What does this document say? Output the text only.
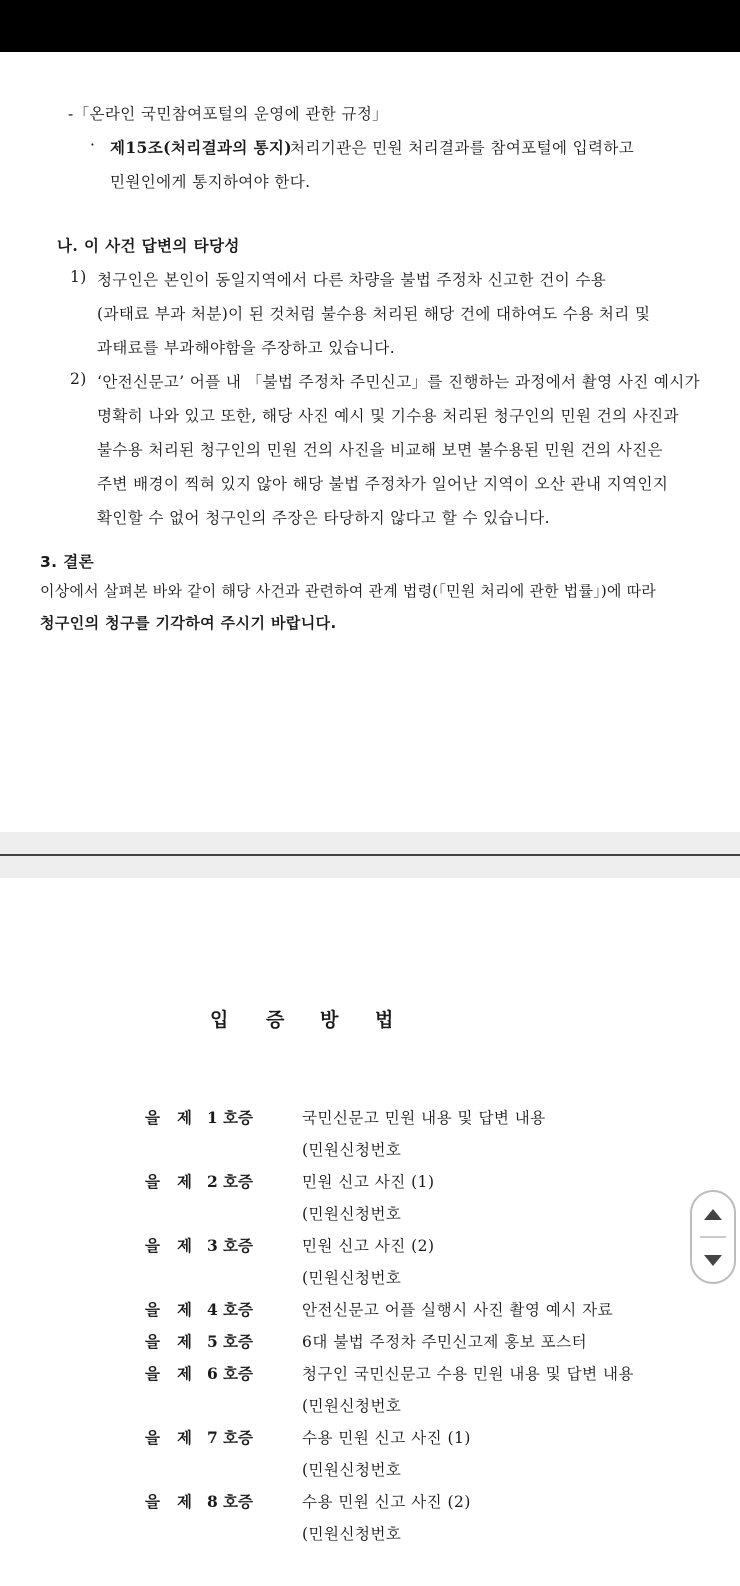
-「온라인 국민참여포털의 운영에 관한 규정」
· 제15조(처리결과의 통지)
처리기관은 민원 처리결과를 참여포털에 입력하고
민원인에게 통지하여야 한다.
나. 이 사건 답변의 타당성
1) 청구인은 본인이 동일지역에서 다른 차량을 불법 주정차 신고한 건이 수용
(과태료 부과 처분)이 된 것처럼 불수용 처리된 해당 건에 대하여도 수용 처리 및
과태료를 부과해야함을 주장하고 있습니다.
2) ‘안전신문고’ 어플 내 「불법 주정차 주민신고」를 진행하는 과정에서 촬영 사진 예시가
명확히 나와 있고 또한, 해당 사진 예시 및 기수용 처리된 청구인의 민원 건의 사진과
불수용 처리된 청구인의 민원 건의 사진을 비교해 보면 불수용된 민원 건의 사진은
주변 배경이 찍혀 있지 않아 해당 불법 주정차가 일어난 지역이 오산 관내 지역인지
확인할 수 없어 청구인의 주장은 타당하지 않다고 할 수 있습니다.
3. 결론
이상에서 살펴본 바와 같이 해당 사건과 관련하여 관계 법령(「민원 처리에 관한 법률」)에 따라
청구인의 청구를 기각하여 주시기 바랍니다.
입 증 방 법
을 제 1 호증	국민신문고 민원 내용 및 답변 내용
(민원신청번호
을 제 2 호증	민원 신고 사진 (1)
(민원신청번호
을 제 3 호증	민원 신고 사진 (2)
(민원신청번호
을 제 4 호증	안전신문고 어플 실행시 사진 촬영 예시 자료
을 제 5 호증	6대 불법 주정차 주민신고제 홍보 포스터
을 제 6 호증	청구인 국민신문고 수용 민원 내용 및 답변 내용
(민원신청번호
을 제 7 호증	수용 민원 신고 사진 (1)
(민원신청번호
을 제 8 호증	수용 민원 신고 사진 (2)
(민원신청번호
